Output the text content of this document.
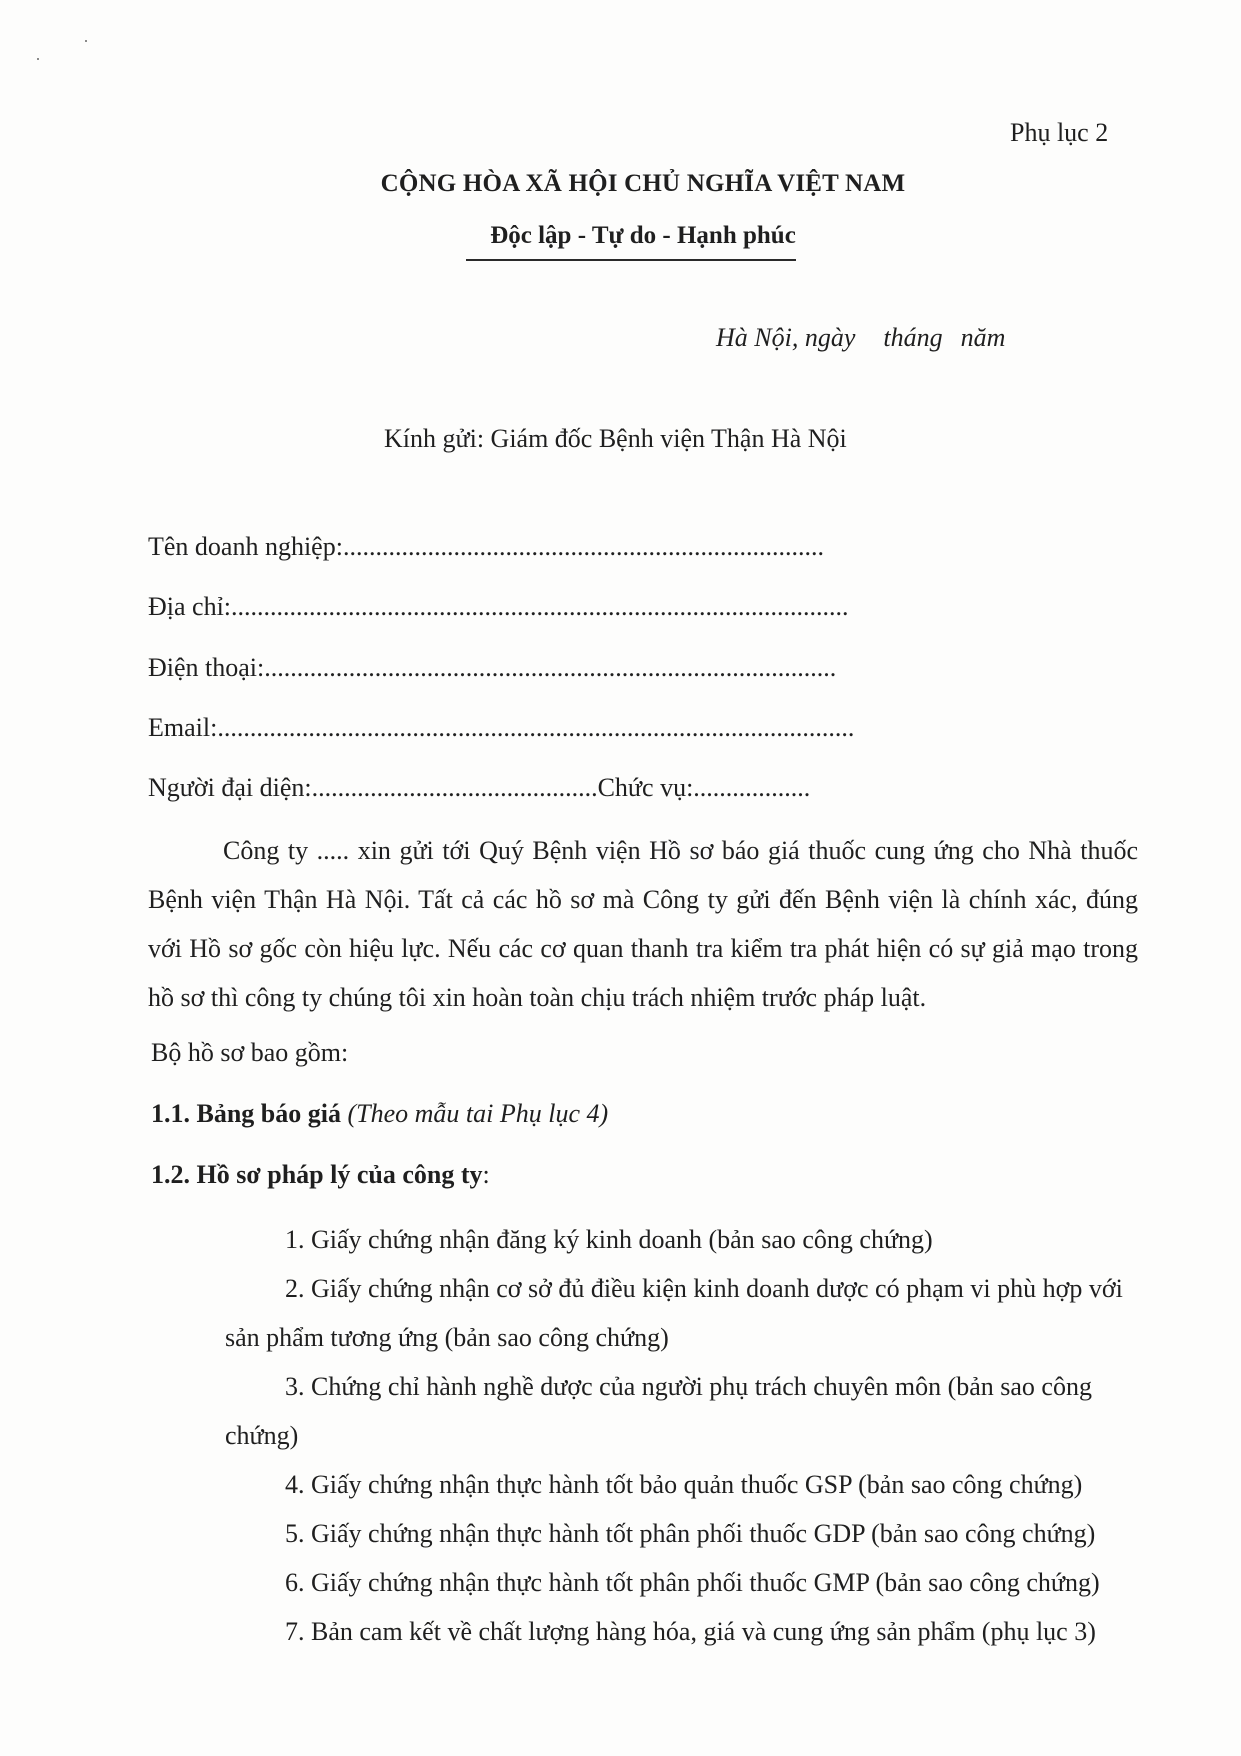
Phụ lục 2
CỘNG HÒA XÃ HỘI CHỦ NGHĨA VIỆT NAM
Độc lập - Tự do - Hạnh phúc
Hà Nội, ngày tháng năm
Kính gửi: Giám đốc Bệnh viện Thận Hà Nội
Tên doanh nghiệp:..........................................................................
Địa chỉ:...............................................................................................
Điện thoại:........................................................................................
Email:..................................................................................................
Người đại diện:............................................Chức vụ:..................

Công ty ..... xin gửi tới Quý Bệnh viện Hồ sơ báo giá thuốc cung ứng cho Nhà thuốc Bệnh viện Thận Hà Nội. Tất cả các hồ sơ mà Công ty gửi đến Bệnh viện là chính xác, đúng với Hồ sơ gốc còn hiệu lực. Nếu các cơ quan thanh tra kiểm tra phát hiện có sự giả mạo trong hồ sơ thì công ty chúng tôi xin hoàn toàn chịu trách nhiệm trước pháp luật.

Bộ hồ sơ bao gồm:
1.1. Bảng báo giá (Theo mẫu tai Phụ lục 4)
1.2. Hồ sơ pháp lý của công ty:

1. Giấy chứng nhận đăng ký kinh doanh (bản sao công chứng)

2. Giấy chứng nhận cơ sở đủ điều kiện kinh doanh dược có phạm vi phù hợp với sản phẩm tương ứng (bản sao công chứng)

3. Chứng chỉ hành nghề dược của người phụ trách chuyên môn (bản sao công chứng)

4. Giấy chứng nhận thực hành tốt bảo quản thuốc GSP (bản sao công chứng)

5. Giấy chứng nhận thực hành tốt phân phối thuốc GDP (bản sao công chứng)

6. Giấy chứng nhận thực hành tốt phân phối thuốc GMP (bản sao công chứng)

7. Bản cam kết về chất lượng hàng hóa, giá và cung ứng sản phẩm (phụ lục 3)
